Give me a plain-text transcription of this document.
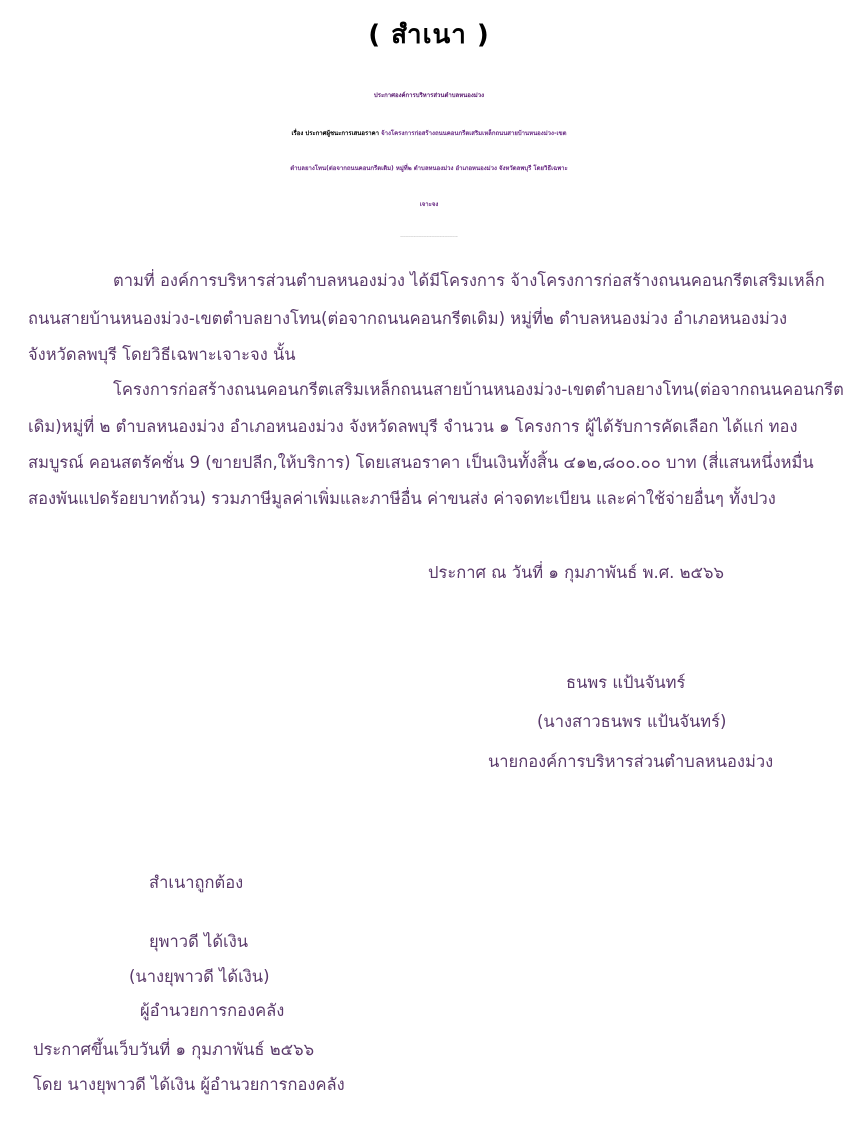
( สำเนา )
ประกาศองค์การบริหารส่วนตำบลหนองม่วง
เรื่อง ประกาศผู้ชนะการเสนอราคา จ้างโครงการก่อสร้างถนนคอนกรีตเสริมเหล็กถนนสายบ้านหนองม่วง-เขต
ตำบลยางโทน(ต่อจากถนนคอนกรีตเดิม) หมู่ที่๒ ตำบลหนองม่วง อำเภอหนองม่วง จังหวัดลพบุรี โดยวิธีเฉพาะ
เจาะจง
--------------------------------------------------------------------------------
ตามที่ องค์การบริหารส่วนตำบลหนองม่วง ได้มีโครงการ จ้างโครงการก่อสร้างถนนคอนกรีตเสริมเหล็ก
ถนนสายบ้านหนองม่วง-เขตตำบลยางโทน(ต่อจากถนนคอนกรีตเดิม) หมู่ที่๒ ตำบลหนองม่วง อำเภอหนองม่วง
จังหวัดลพบุรี โดยวิธีเฉพาะเจาะจง นั้น
โครงการก่อสร้างถนนคอนกรีตเสริมเหล็กถนนสายบ้านหนองม่วง-เขตตำบลยางโทน(ต่อจากถนนคอนกรีต
เดิม)หมู่ที่ ๒ ตำบลหนองม่วง อำเภอหนองม่วง จังหวัดลพบุรี จำนวน ๑ โครงการ ผู้ได้รับการคัดเลือก ได้แก่ ทอง
สมบูรณ์ คอนสตรัคชั่น 9 (ขายปลีก,ให้บริการ) โดยเสนอราคา เป็นเงินทั้งสิ้น ๔๑๒,๘๐๐.๐๐ บาท (สี่แสนหนึ่งหมื่น
สองพันแปดร้อยบาทถ้วน) รวมภาษีมูลค่าเพิ่มและภาษีอื่น ค่าขนส่ง ค่าจดทะเบียน และค่าใช้จ่ายอื่นๆ ทั้งปวง
ประกาศ ณ วันที่ ๑ กุมภาพันธ์ พ.ศ. ๒๕๖๖
ธนพร แป้นจันทร์
(นางสาวธนพร แป้นจันทร์)
นายกองค์การบริหารส่วนตำบลหนองม่วง
สำเนาถูกต้อง
ยุพาวดี ได้เงิน
(นางยุพาวดี ได้เงิน)
ผู้อำนวยการกองคลัง
ประกาศขึ้นเว็บวันที่ ๑ กุมภาพันธ์ ๒๕๖๖
โดย นางยุพาวดี ได้เงิน ผู้อำนวยการกองคลัง
